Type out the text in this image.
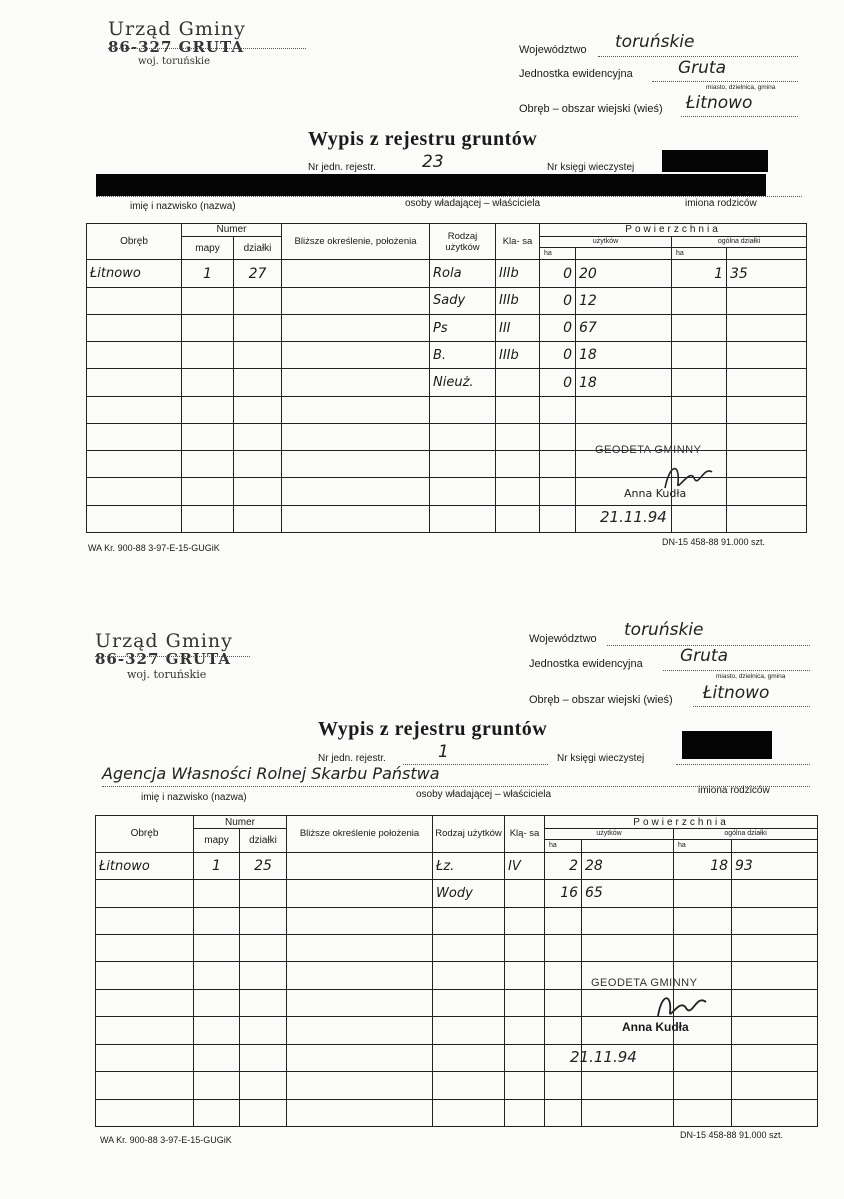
Urząd Gminy
86-327 GRUTA
woj. toruńskie
Województwo toruńskie
Jednostka ewidencyjna	Gruta
miasto, dzielnica, gmina
Obręb – obszar wiejski (wieś) Łitnowo
Wypis z rejestru gruntów
Nr jedn. rejestr.	23	Nr księgi wieczystej
imię i nazwisko (nazwa)	osoby władającej – właściciela	imiona rodziców
Obręb	Numer		Bliższe określenie, położenia	Rodzaj użytków	Kla- sa	Powierzchnia			
	mapy	działki				użytków		ogólna działki	
						ha		ha	
Łitnowo	1	27		Rola	IIIb	0	20	1	35
				Sady	IIIb	0	12		
				Ps	III	0	67		
				B.	IIIb	0	18		
				Nieuż.		0	18		

GEODETA GMINNY
Anna Kudła
21.11.94
WA Kr. 900-88 3-97-E-15-GUGiK
DN-15 458-88 91.000 szt.
Urząd Gminy
86-327 GRUTA
woj. toruńskie
Województwo toruńskie
Jednostka ewidencyjna Gruta
miasto, dzielnica, gmina
Obręb – obszar wiejski (wieś) Łitnowo
Wypis z rejestru gruntów
Nr jedn. rejestr.	1	Nr księgi wieczystej
Agencja Własności Rolnej Skarbu Państwa
imię i nazwisko (nazwa)	osoby władającej – właściciela	imiona rodziców
Obręb	Numer		Bliższe określenie położenia	Rodzaj użytków	Klą- sa	Powierzchnia			
	mapy	działki				użytków		ogólna działki	
						ha		ha	
Łitnowo	1	25		Łz.	IV	2	28	18	93
				Wody		16	65		

GEODETA GMINNY
Anna Kudła
21.11.94
WA Kr. 900-88 3-97-E-15-GUGiK	DN-15 458-88 91.000 szt.
